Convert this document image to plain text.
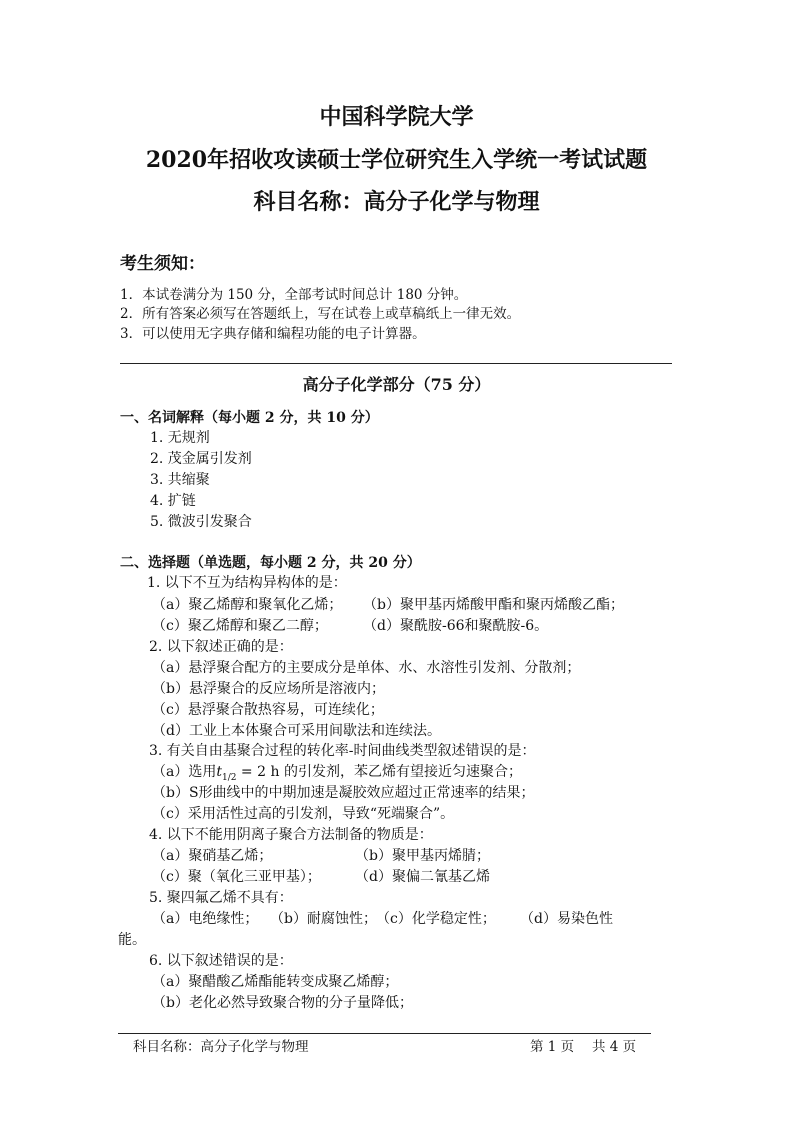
中国科学院大学
2020年招收攻读硕士学位研究生入学统一考试试题
科目名称：高分子化学与物理
考生须知：
1．本试卷满分为 150 分，全部考试时间总计 180 分钟。
2．所有答案必须写在答题纸上，写在试卷上或草稿纸上一律无效。
3．可以使用无字典存储和编程功能的电子计算器。
高分子化学部分（75 分）
一、名词解释（每小题 2 分，共 10 分）
1. 无规剂
2. 茂金属引发剂
3. 共缩聚
4. 扩链
5. 微波引发聚合
二、选择题（单选题，每小题 2 分，共 20 分）
1. 以下不互为结构异构体的是：
（a）聚乙烯醇和聚氧化乙烯； （b）聚甲基丙烯酸甲酯和聚丙烯酸乙酯；
（c）聚乙烯醇和聚乙二醇；	（d）聚酰胺-66和聚酰胺-6。
2. 以下叙述正确的是：
（a）悬浮聚合配方的主要成分是单体、水、水溶性引发剂、分散剂；
（b）悬浮聚合的反应场所是溶液内；
（c）悬浮聚合散热容易，可连续化；
（d）工业上本体聚合可采用间歇法和连续法。
3. 有关自由基聚合过程的转化率-时间曲线类型叙述错误的是：
（a）选用$t_{1/2} = 2$ h 的引发剂，苯乙烯有望接近匀速聚合；
（b）S形曲线中的中期加速是凝胶效应超过正常速率的结果；
（c）采用活性过高的引发剂，导致“死端聚合”。
4. 以下不能用阴离子聚合方法制备的物质是：
（a）聚硝基乙烯；	（b）聚甲基丙烯腈；
（c）聚（氧化三亚甲基）； （d）聚偏二氰基乙烯
5. 聚四氟乙烯不具有：
（a）电绝缘性； （b）耐腐蚀性； （c）化学稳定性； （d）易染色性
能。
6. 以下叙述错误的是：
（a）聚醋酸乙烯酯能转变成聚乙烯醇；
（b）老化必然导致聚合物的分子量降低；
科目名称：高分子化学与物理	第 1 页 共 4 页
